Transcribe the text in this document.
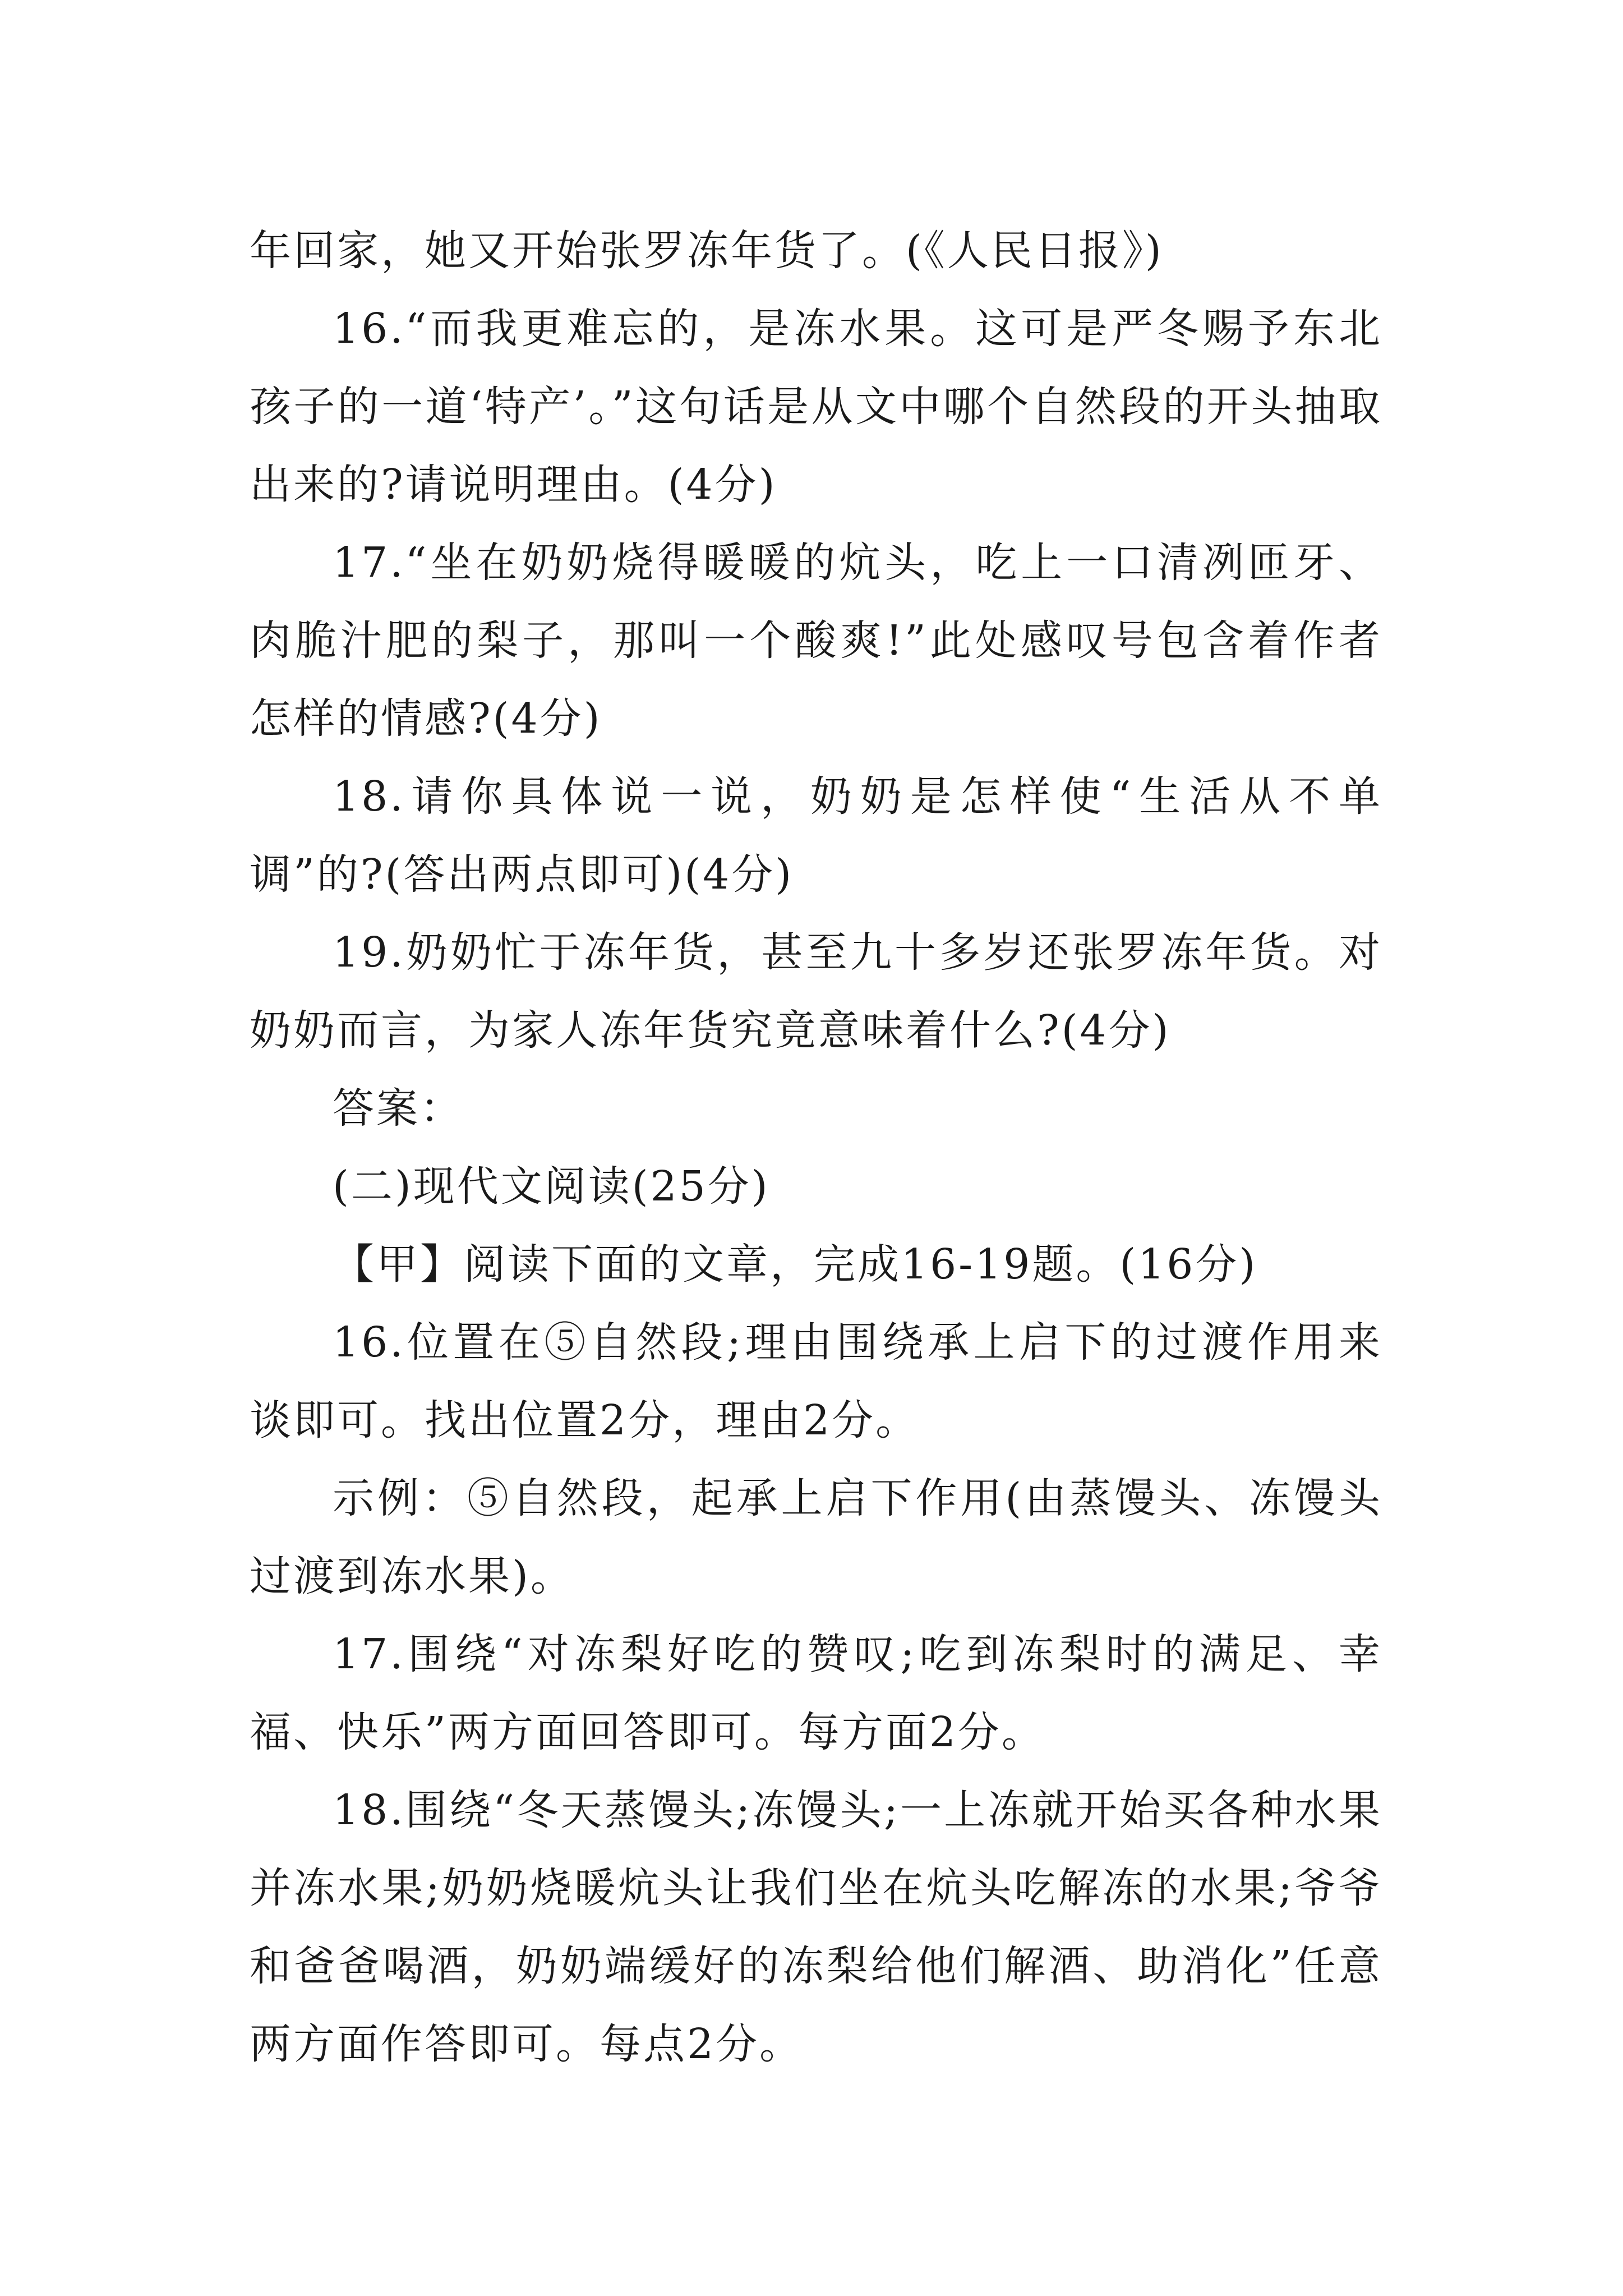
年回家，她又开始张罗冻年货了。(《人民日报》)

16.“而我更难忘的，是冻水果。这可是严冬赐予东北孩子的一道‘特产’。”这句话是从文中哪个自然段的开头抽取出来的?请说明理由。(4分)

17.“坐在奶奶烧得暖暖的炕头，吃上一口清冽匝牙、肉脆汁肥的梨子，那叫一个酸爽!”此处感叹号包含着作者怎样的情感?(4分)

18.请你具体说一说，奶奶是怎样使“生活从不单调”的?(答出两点即可)(4分)

19.奶奶忙于冻年货，甚至九十多岁还张罗冻年货。对奶奶而言，为家人冻年货究竟意味着什么?(4分)

答案：

(二)现代文阅读(25分)

【甲】阅读下面的文章，完成16-19题。(16分)

16.位置在⑤自然段;理由围绕承上启下的过渡作用来谈即可。找出位置2分，理由2分。

示例：⑤自然段，起承上启下作用(由蒸馒头、冻馒头过渡到冻水果)。

17.围绕“对冻梨好吃的赞叹;吃到冻梨时的满足、幸福、快乐”两方面回答即可。每方面2分。

18.围绕“冬天蒸馒头;冻馒头;一上冻就开始买各种水果并冻水果;奶奶烧暖炕头让我们坐在炕头吃解冻的水果;爷爷和爸爸喝酒，奶奶端缓好的冻梨给他们解酒、助消化”任意两方面作答即可。每点2分。
